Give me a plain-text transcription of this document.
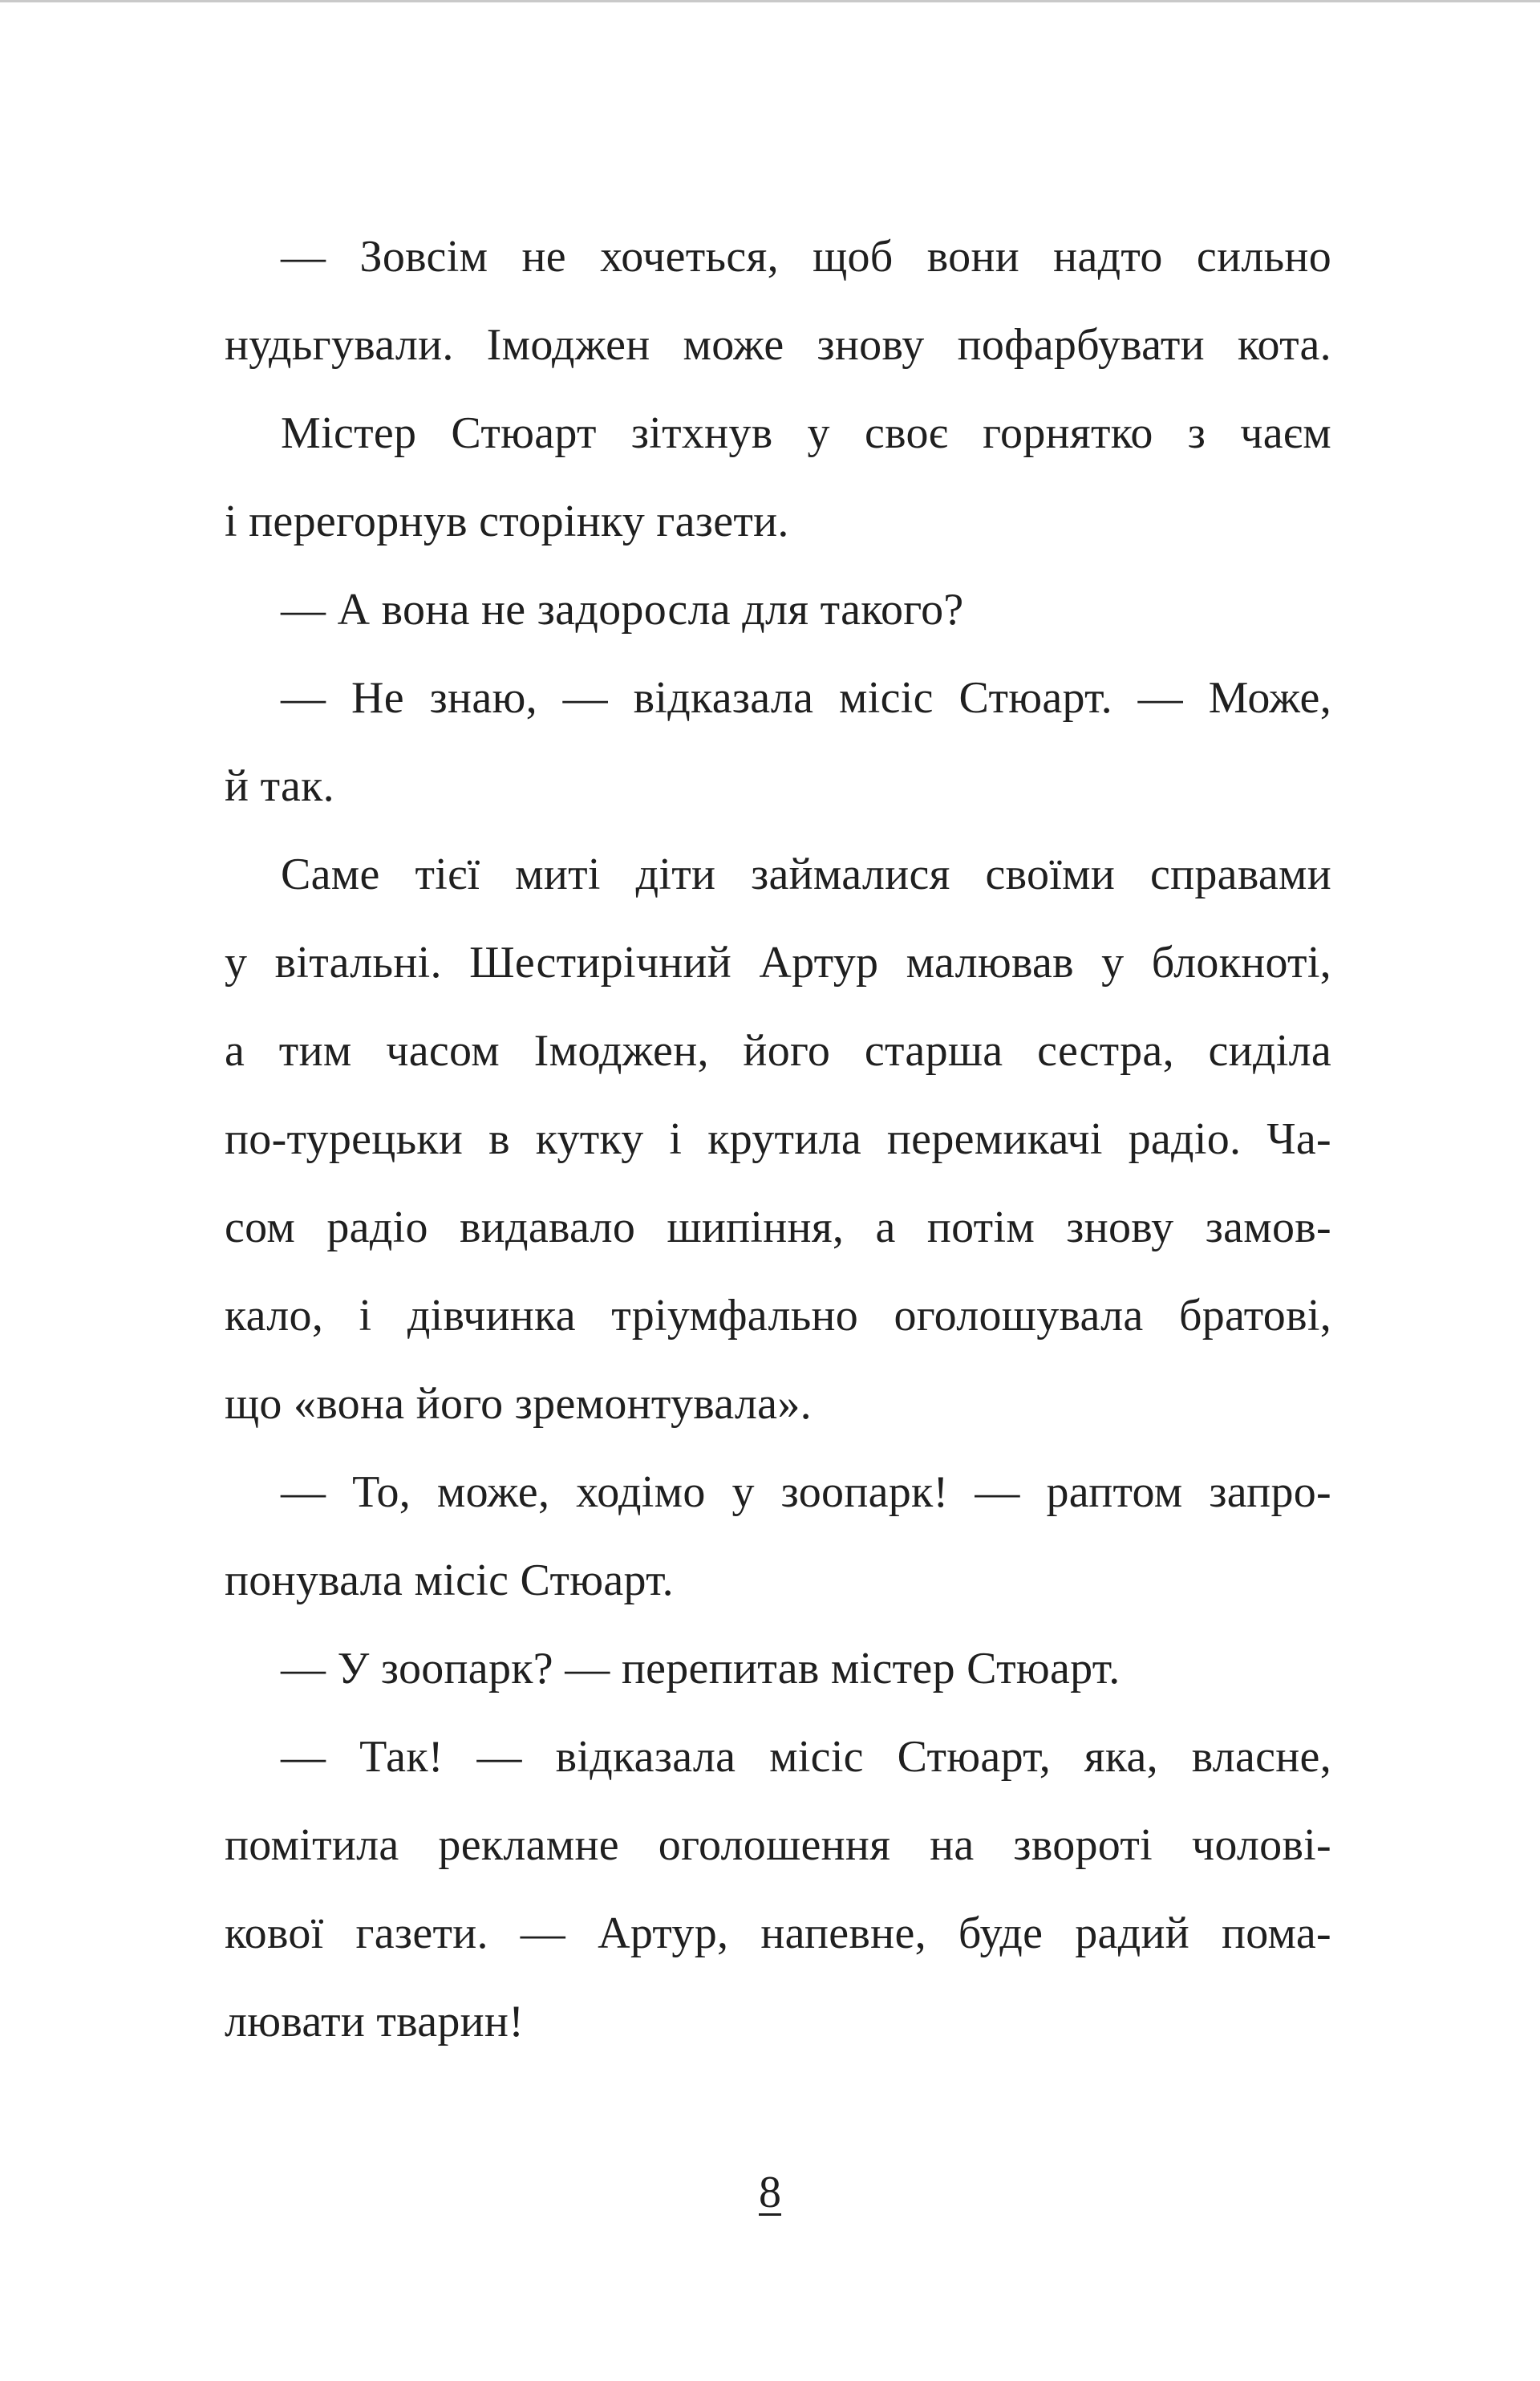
— Зовсім не хочеться, щоб вони надто сильно
нудьгували. Імоджен може знову пофарбувати кота.
Містер Стюарт зітхнув у своє горнятко з чаєм
і перегорнув сторінку газети.
— А вона не задоросла для такого?
— Не знаю, — відказала місіс Стюарт. — Може,
й так.
Саме тієї миті діти займалися своїми справами
у вітальні. Шестирічний Артур малював у блокноті,
а тим часом Імоджен, його старша сестра, сиділа
по-турецьки в кутку і крутила перемикачі радіо. Ча-
сом радіо видавало шипіння, а потім знову замов-
кало, і дівчинка тріумфально оголошувала братові,
що «вона його зремонтувала».
— То, може, ходімо у зоопарк! — раптом запро-
понувала місіс Стюарт.
— У зоопарк? — перепитав містер Стюарт.
— Так! — відказала місіс Стюарт, яка, власне,
помітила рекламне оголошення на звороті чолові-
кової газети. — Артур, напевне, буде радий пома-
лювати тварин!
8
